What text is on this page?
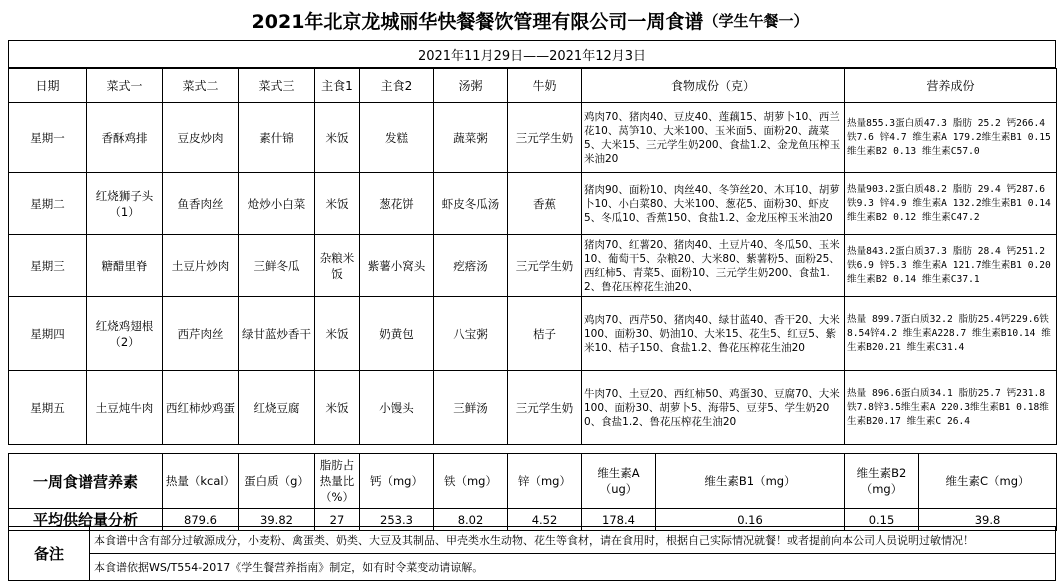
2021年北京龙城丽华快餐餐饮管理有限公司一周食谱 （学生午餐一）
2021年11月29日——2021年12月3日
日期	菜式一	菜式二	菜式三	主食1	主食2	汤粥	牛奶	食物成份（克）	营养成份
星期一	香酥鸡排	豆皮炒肉	素什锦	米饭	发糕	蔬菜粥	三元学生奶	鸡肉70、猪肉40、豆皮40、莲藕15、胡萝卜10、西兰花10、莴笋10、大米100、玉米面5、面粉20、蔬菜5、大米15、三元学生奶200、食盐1.2、金龙鱼压榨玉米油20	热量855.3蛋白质47.3 脂肪 25.2 钙266.4 铁7.6 锌4.7 维生素A 179.2维生素B1 0.15 维生素B2 0.13 维生素C57.0
星期二	红烧狮子头（1）	鱼香肉丝	炝炒小白菜	米饭	葱花饼	虾皮冬瓜汤	香蕉	猪肉90、面粉10、肉丝40、冬笋丝20、木耳10、胡萝卜10、小白菜80、大米100、葱花5、面粉30、虾皮5、冬瓜10、香蕉150、食盐1.2、金龙压榨玉米油20	热量903.2蛋白质48.2 脂肪 29.4 钙287.6 铁9.3 锌4.9 维生素A 132.2维生素B1 0.14 维生素B2 0.12 维生素C47.2
星期三	糖醋里脊	土豆片炒肉	三鲜冬瓜	杂粮米饭	紫薯小窝头	疙瘩汤	三元学生奶	猪肉70、红薯20、猪肉40、土豆片40、冬瓜50、玉米10、葡萄干5、杂粮20、大米80、紫薯粉5、面粉25、西红柿5、青菜5、面粉10、三元学生奶200、食盐1.2、鲁花压榨花生油20、	热量843.2蛋白质37.3 脂肪 28.4 钙251.2 铁6.9 锌5.3 维生素A 121.7维生素B1 0.20 维生素B2 0.14 维生素C37.1
星期四	红烧鸡翅根（2）	西芹肉丝	绿甘蓝炒香干	米饭	奶黄包	八宝粥	桔子	鸡肉70、西芹50、猪肉40、绿甘蓝40、香干20、大米100、面粉30、奶油10、大米15、花生5、红豆5、紫米10、桔子150、食盐1.2、鲁花压榨花生油20	热量 899.7蛋白质32.2 脂肪25.4钙229.6铁8.54锌4.2 维生素A228.7 维生素B10.14 维生素B20.21 维生素C31.4
星期五	土豆炖牛肉	西红柿炒鸡蛋	红烧豆腐	米饭	小馒头	三鲜汤	三元学生奶	牛肉70、土豆20、西红柿50、鸡蛋30、豆腐70、大米100、面粉30、胡萝卜5、海带5、豆芽5、学生奶200、食盐1.2、鲁花压榨花生油20	热量 896.6蛋白质34.1 脂肪25.7 钙231.8铁7.8锌3.5维生素A 220.3维生素B1 0.18维生素B20.17 维生素C 26.4
一周食谱营养素	热量（kcal）	蛋白质（g）	脂肪占热量比（%）	钙（mg）	铁（mg）	锌（mg）	维生素A（ug）	维生素B1（mg）	维生素B2（mg）	维生素C（mg）
平均供给量分析	879.6	39.82	27	253.3	8.02	4.52	178.4	0.16	0.15	39.8
备注
本食谱中含有部分过敏源成分，小麦粉、禽蛋类、奶类、大豆及其制品、甲壳类水生动物、花生等食材，请在食用时，根据自己实际情况就餐！或者提前向本公司人员说明过敏情况！
本食谱依据WS/T554-2017《学生餐营养指南》制定，如有时令菜变动请谅解。
